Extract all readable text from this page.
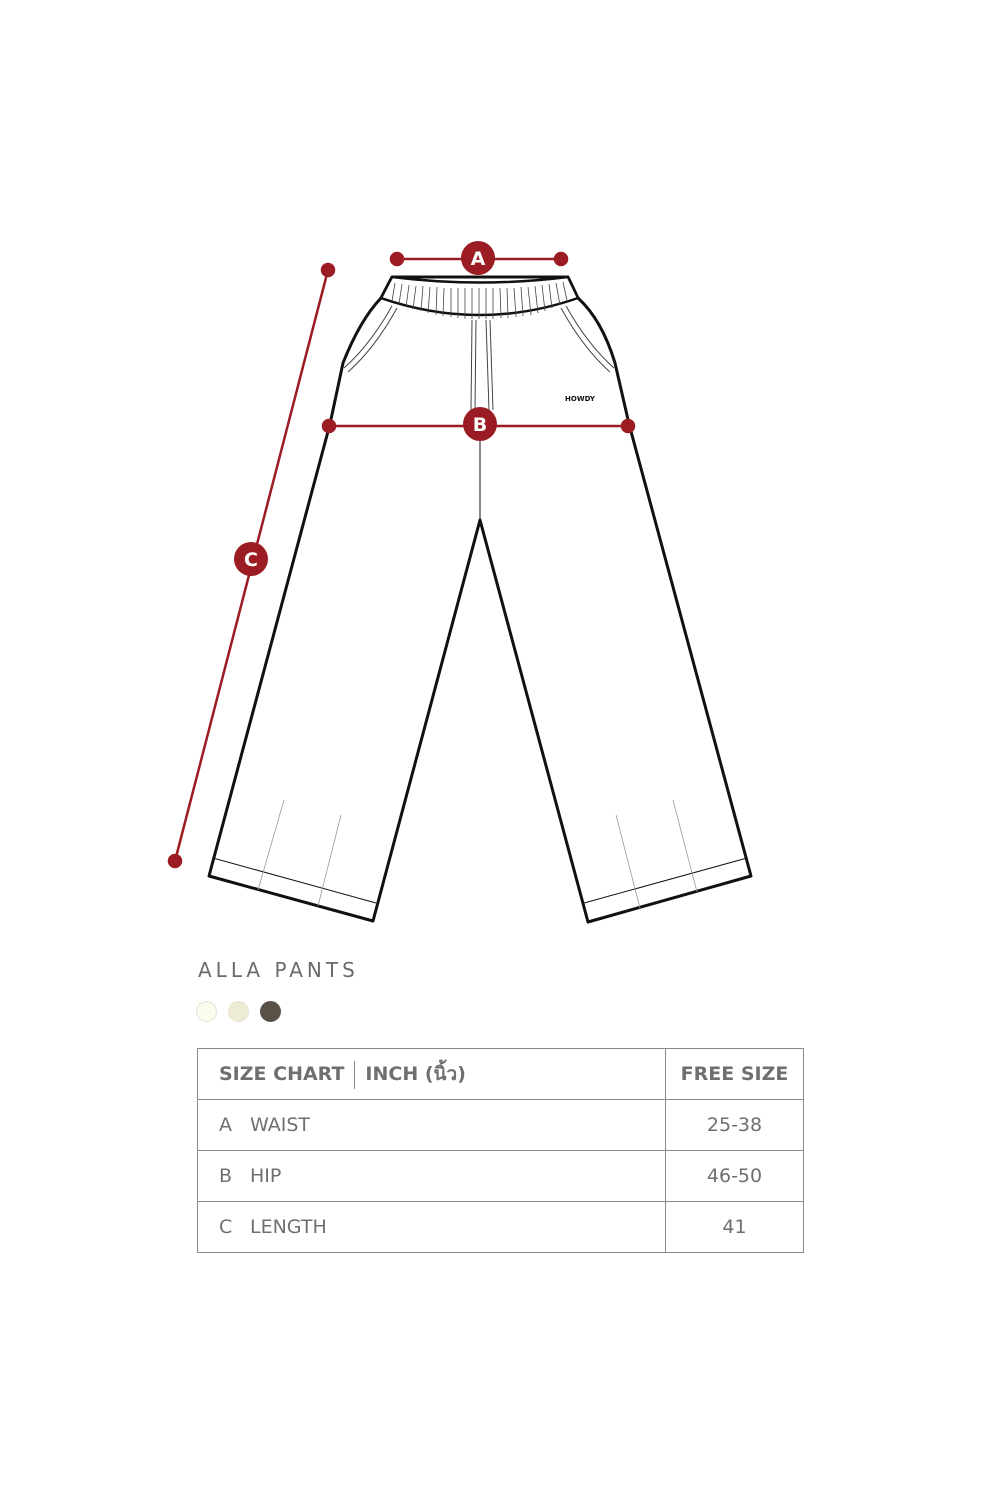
HOWDY
A
B
C
ALLA PANTS
SIZE CHART INCH (นิ้ว)	FREE SIZE
A WAIST	25-38
B HIP	46-50
C LENGTH	41
